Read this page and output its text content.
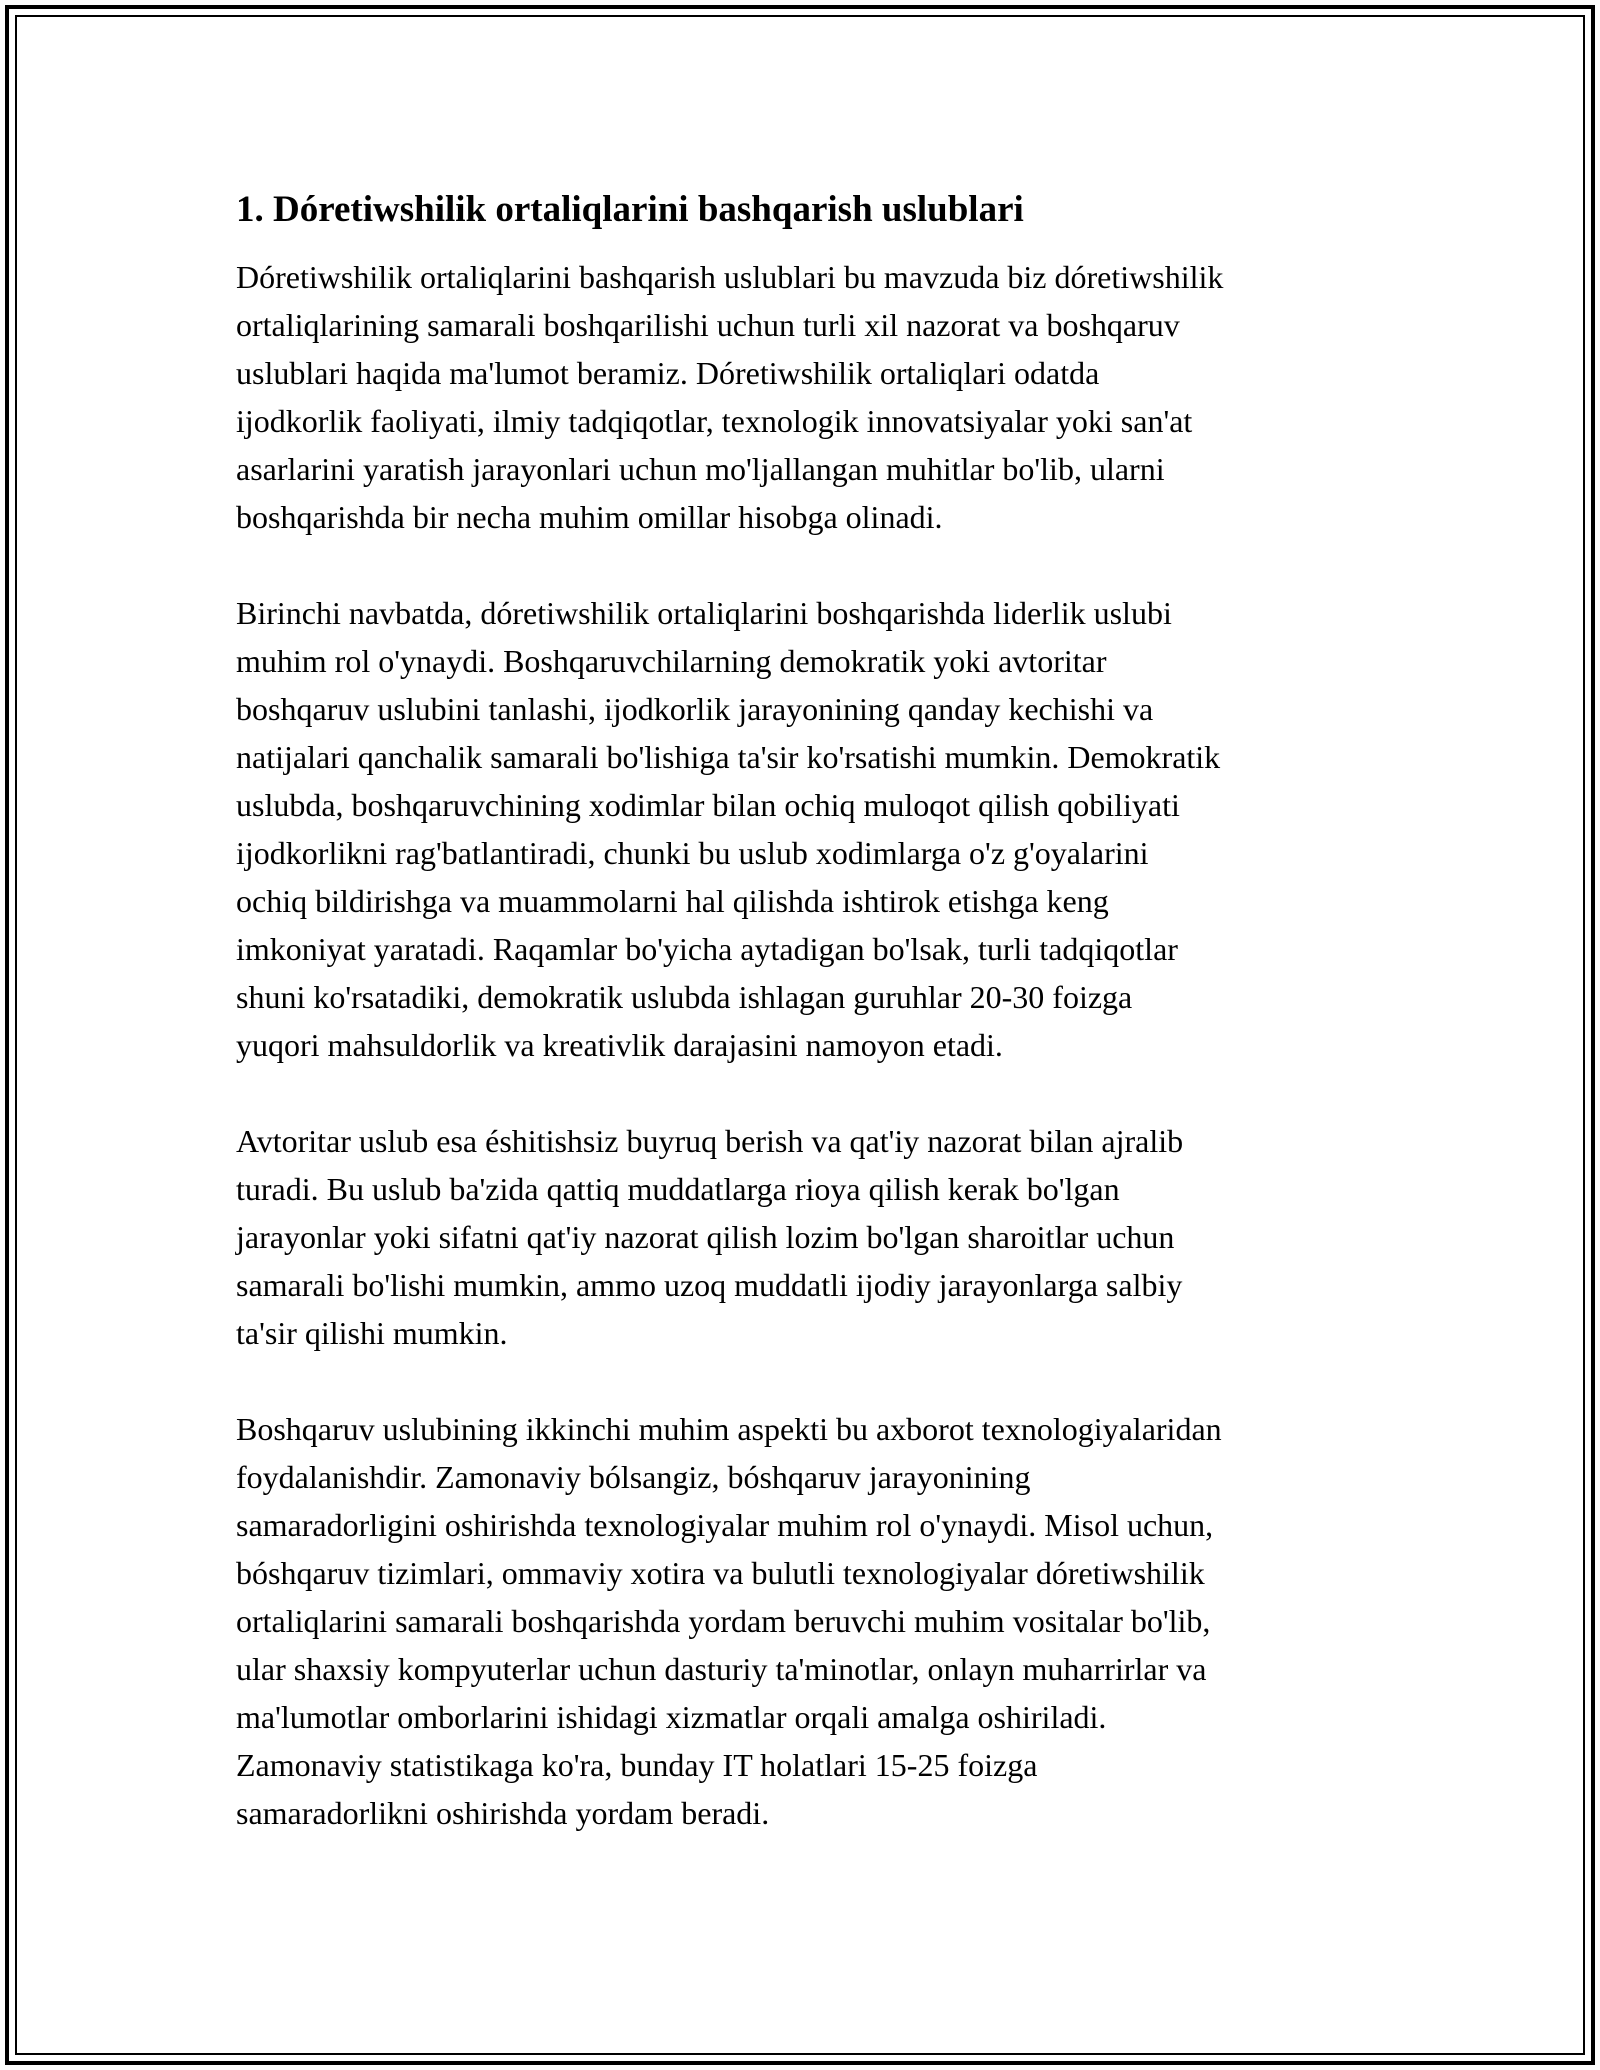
1. Dóretiwshilik ortaliqlarini bashqarish uslublari

Dóretiwshilik ortaliqlarini bashqarish uslublari bu mavzuda biz dóretiwshilik
ortaliqlarining samarali boshqarilishi uchun turli xil nazorat va boshqaruv
uslublari haqida ma'lumot beramiz. Dóretiwshilik ortaliqlari odatda
ijodkorlik faoliyati, ilmiy tadqiqotlar, texnologik innovatsiyalar yoki san'at
asarlarini yaratish jarayonlari uchun mo'ljallangan muhitlar bo'lib, ularni
boshqarishda bir necha muhim omillar hisobga olinadi.

Birinchi navbatda, dóretiwshilik ortaliqlarini boshqarishda liderlik uslubi
muhim rol o'ynaydi. Boshqaruvchilarning demokratik yoki avtoritar
boshqaruv uslubini tanlashi, ijodkorlik jarayonining qanday kechishi va
natijalari qanchalik samarali bo'lishiga ta'sir ko'rsatishi mumkin. Demokratik
uslubda, boshqaruvchining xodimlar bilan ochiq muloqot qilish qobiliyati
ijodkorlikni rag'batlantiradi, chunki bu uslub xodimlarga o'z g'oyalarini
ochiq bildirishga va muammolarni hal qilishda ishtirok etishga keng
imkoniyat yaratadi. Raqamlar bo'yicha aytadigan bo'lsak, turli tadqiqotlar
shuni ko'rsatadiki, demokratik uslubda ishlagan guruhlar 20-30 foizga
yuqori mahsuldorlik va kreativlik darajasini namoyon etadi.

Avtoritar uslub esa éshitishsiz buyruq berish va qat'iy nazorat bilan ajralib
turadi. Bu uslub ba'zida qattiq muddatlarga rioya qilish kerak bo'lgan
jarayonlar yoki sifatni qat'iy nazorat qilish lozim bo'lgan sharoitlar uchun
samarali bo'lishi mumkin, ammo uzoq muddatli ijodiy jarayonlarga salbiy
ta'sir qilishi mumkin.

Boshqaruv uslubining ikkinchi muhim aspekti bu axborot texnologiyalaridan
foydalanishdir. Zamonaviy bólsangiz, bóshqaruv jarayonining
samaradorligini oshirishda texnologiyalar muhim rol o'ynaydi. Misol uchun,
bóshqaruv tizimlari, ommaviy xotira va bulutli texnologiyalar dóretiwshilik
ortaliqlarini samarali boshqarishda yordam beruvchi muhim vositalar bo'lib,
ular shaxsiy kompyuterlar uchun dasturiy ta'minotlar, onlayn muharrirlar va
ma'lumotlar omborlarini ishidagi xizmatlar orqali amalga oshiriladi.
Zamonaviy statistikaga ko'ra, bunday IT holatlari 15-25 foizga
samaradorlikni oshirishda yordam beradi.
